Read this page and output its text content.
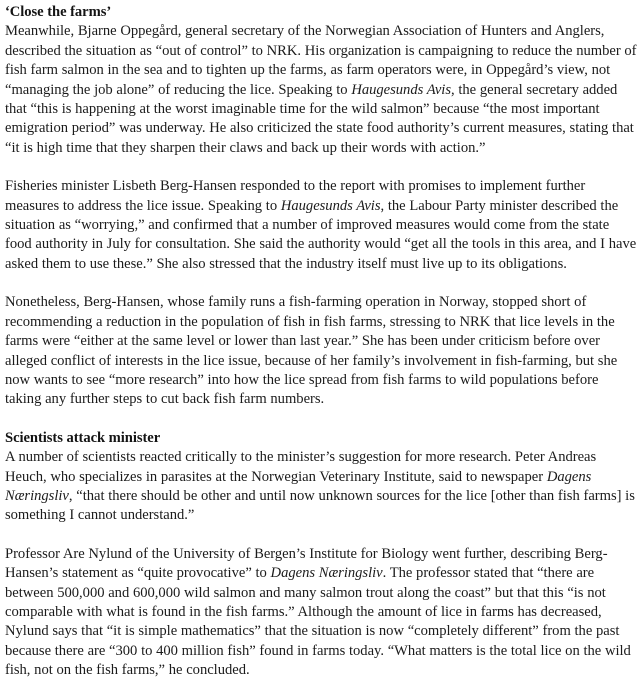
‘Close the farms’

Meanwhile, Bjarne Oppegård, general secretary of the Norwegian Association of Hunters and Anglers, described the situation as “out of control” to NRK. His organization is campaigning to reduce the number of fish farm salmon in the sea and to tighten up the farms, as farm operators were, in Oppegård’s view, not “managing the job alone” of reducing the lice. Speaking to Haugesunds Avis, the general secretary added that “this is happening at the worst imaginable time for the wild salmon” because “the most important emigration period” was underway. He also criticized the state food authority’s current measures, stating that “it is high time that they sharpen their claws and back up their words with action.”

Fisheries minister Lisbeth Berg-Hansen responded to the report with promises to implement further measures to address the lice issue. Speaking to Haugesunds Avis, the Labour Party minister described the situation as “worrying,” and confirmed that a number of improved measures would come from the state food authority in July for consultation. She said the authority would “get all the tools in this area, and I have asked them to use these.” She also stressed that the industry itself must live up to its obligations.

Nonetheless, Berg-Hansen, whose family runs a fish-farming operation in Norway, stopped short of recommending a reduction in the population of fish in fish farms, stressing to NRK that lice levels in the farms were “either at the same level or lower than last year.” She has been under criticism before over alleged conflict of interests in the lice issue, because of her family’s involvement in fish-farming, but she now wants to see “more research” into how the lice spread from fish farms to wild populations before taking any further steps to cut back fish farm numbers.

Scientists attack minister

A number of scientists reacted critically to the minister’s suggestion for more research. Peter Andreas Heuch, who specializes in parasites at the Norwegian Veterinary Institute, said to newspaper Dagens Næringsliv, “that there should be other and until now unknown sources for the lice [other than fish farms] is something I cannot understand.”

Professor Are Nylund of the University of Bergen’s Institute for Biology went further, describing Berg-Hansen’s statement as “quite provocative” to Dagens Næringsliv. The professor stated that “there are between 500,000 and 600,000 wild salmon and many salmon trout along the coast” but that this “is not comparable with what is found in the fish farms.” Although the amount of lice in farms has decreased, Nylund says that “it is simple mathematics” that the situation is now “completely different” from the past because there are “300 to 400 million fish” found in farms today. “What matters is the total lice on the wild fish, not on the fish farms,” he concluded.
